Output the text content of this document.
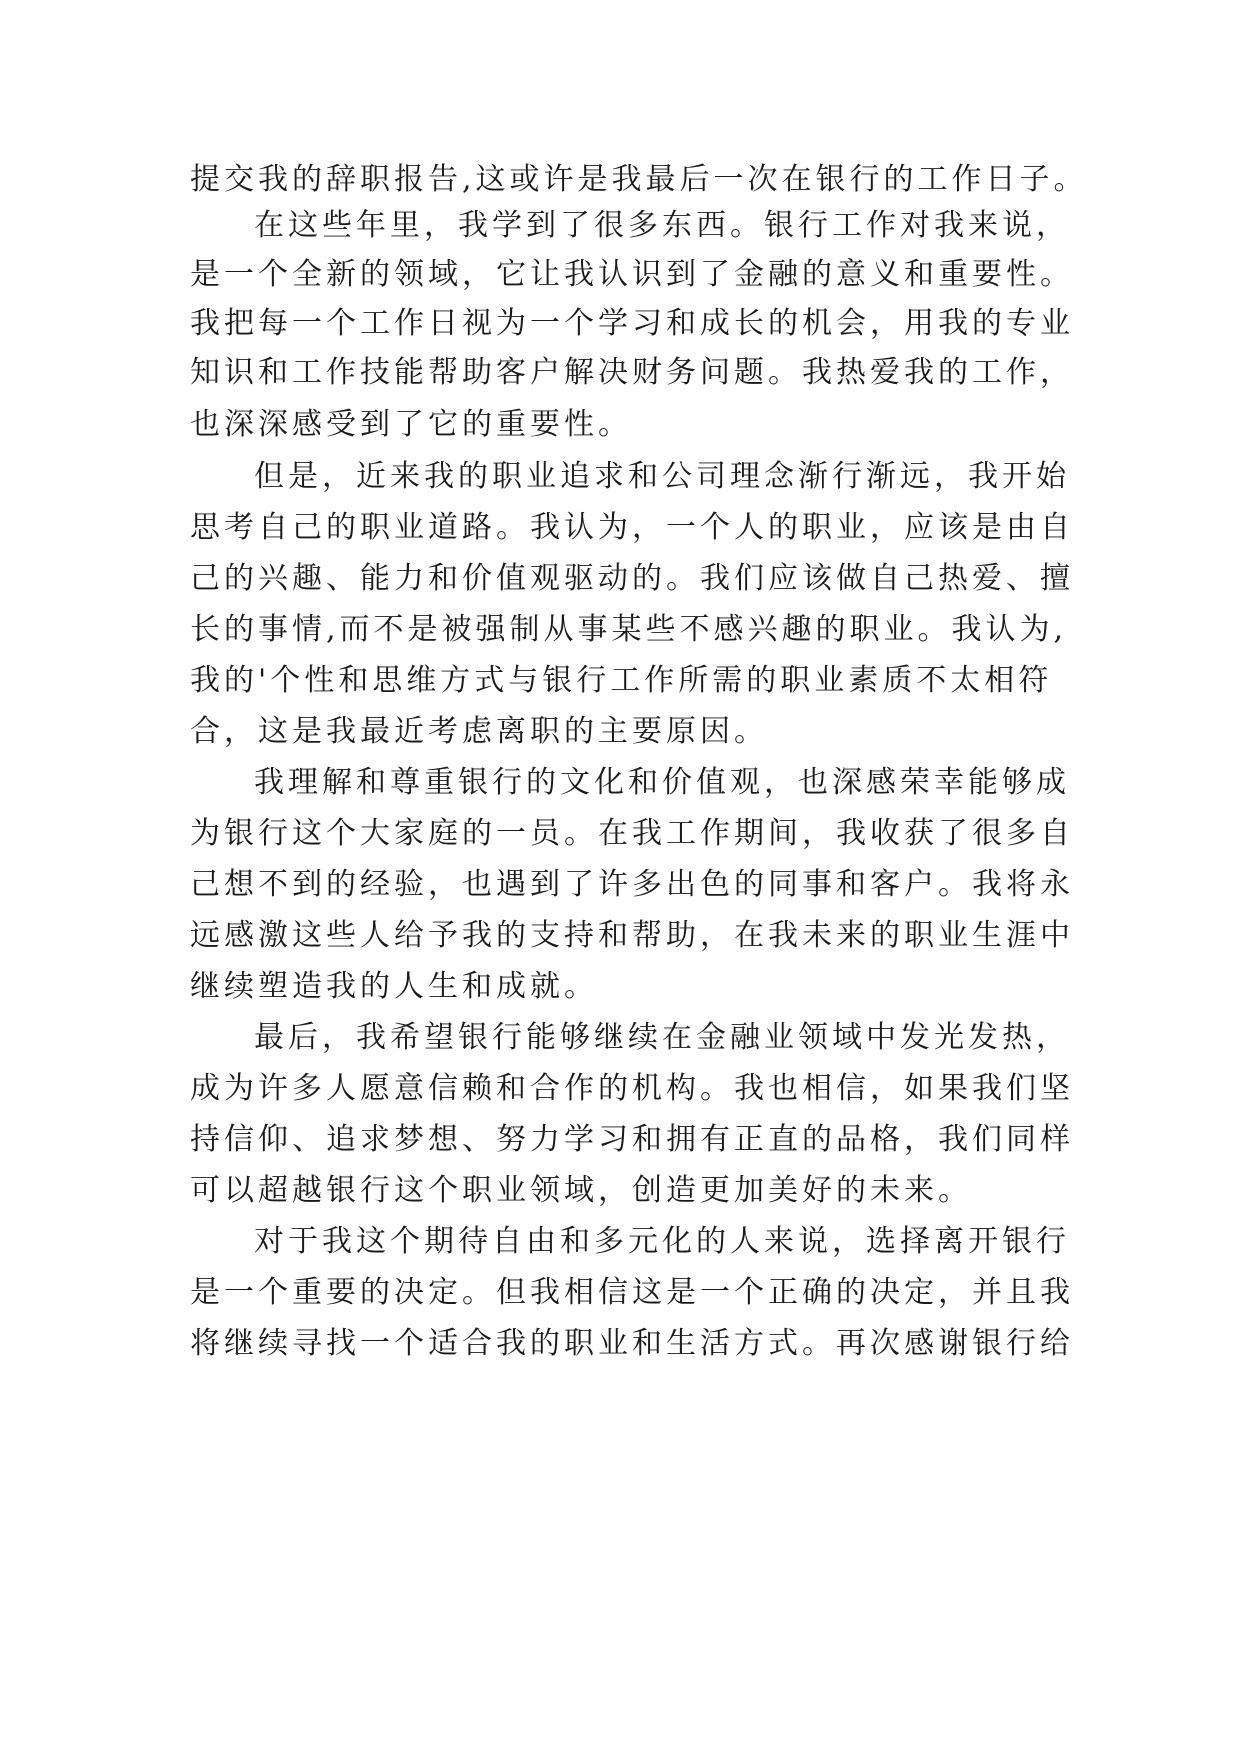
提交我的辞职报告,这或许是我最后一次在银行的工作日子。
在这些年里，我学到了很多东西。银行工作对我来说，
是一个全新的领域，它让我认识到了金融的意义和重要性。
我把每一个工作日视为一个学习和成长的机会，用我的专业
知识和工作技能帮助客户解决财务问题。我热爱我的工作，
也深深感受到了它的重要性。
但是，近来我的职业追求和公司理念渐行渐远，我开始
思考自己的职业道路。我认为，一个人的职业，应该是由自
己的兴趣、能力和价值观驱动的。我们应该做自己热爱、擅
长的事情,而不是被强制从事某些不感兴趣的职业。我认为,
我的'个性和思维方式与银行工作所需的职业素质不太相符
合，这是我最近考虑离职的主要原因。
我理解和尊重银行的文化和价值观，也深感荣幸能够成
为银行这个大家庭的一员。在我工作期间，我收获了很多自
己想不到的经验，也遇到了许多出色的同事和客户。我将永
远感激这些人给予我的支持和帮助，在我未来的职业生涯中
继续塑造我的人生和成就。
最后，我希望银行能够继续在金融业领域中发光发热，
成为许多人愿意信赖和合作的机构。我也相信，如果我们坚
持信仰、追求梦想、努力学习和拥有正直的品格，我们同样
可以超越银行这个职业领域，创造更加美好的未来。
对于我这个期待自由和多元化的人来说，选择离开银行
是一个重要的决定。但我相信这是一个正确的决定，并且我
将继续寻找一个适合我的职业和生活方式。再次感谢银行给
